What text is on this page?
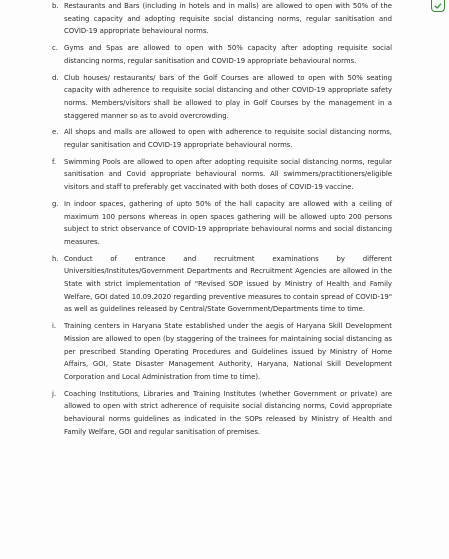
b. Restaurants and Bars (including in hotels and in malls) are allowed to open with 50% of the seating capacity and adopting requisite social distancing norms, regular sanitisation and COVID-19 appropriate behavioural norms.
c. Gyms and Spas are allowed to open with 50% capacity after adopting requisite social distancing norms, regular sanitisation and COVID-19 appropriate behavioural norms.
d. Club houses/ restaurants/ bars of the Golf Courses are allowed to open with 50% seating capacity with adherence to requisite social distancing and other COVID-19 appropriate safety norms. Members/visitors shall be allowed to play in Golf Courses by the management in a staggered manner so as to avoid overcrowding.
e. All shops and malls are allowed to open with adherence to requisite social distancing norms, regular sanitisation and COVID-19 appropriate behavioural norms.
f. Swimming Pools are allowed to open after adopting requisite social distancing norms, regular sanitisation and Covid appropriate behavioural norms. All swimmers/practitioners/eligible visitors and staff to preferably get vaccinated with both doses of COVID-19 vaccine.
g. In indoor spaces, gathering of upto 50% of the hall capacity are allowed with a ceiling of maximum 100 persons whereas in open spaces gathering will be allowed upto 200 persons subject to strict observance of COVID-19 appropriate behavioural norms and social distancing measures.
h. Conduct of entrance and recruitment examinations by different Universities/Institutes/Government Departments and Recruitment Agencies are allowed in the State with strict implementation of "Revised SOP issued by Ministry of Health and Family Welfare, GOI dated 10.09.2020 regarding preventive measures to contain spread of COVID-19" as well as guidelines released by Central/State Government/Departments time to time.
i. Training centers in Haryana State established under the aegis of Haryana Skill Development Mission are allowed to open (by staggering of the trainees for maintaining social distancing as per prescribed Standing Operating Procedures and Guidelines issued by Ministry of Home Affairs, GOI, State Disaster Management Authority, Haryana, National Skill Development Corporation and Local Administration from time to time).
j. Coaching Institutions, Libraries and Training Institutes (whether Government or private) are allowed to open with strict adherence of requisite social distancing norms, Covid appropriate behavioural norms guidelines as indicated in the SOPs released by Ministry of Health and Family Welfare, GOI and regular sanitisation of premises.
